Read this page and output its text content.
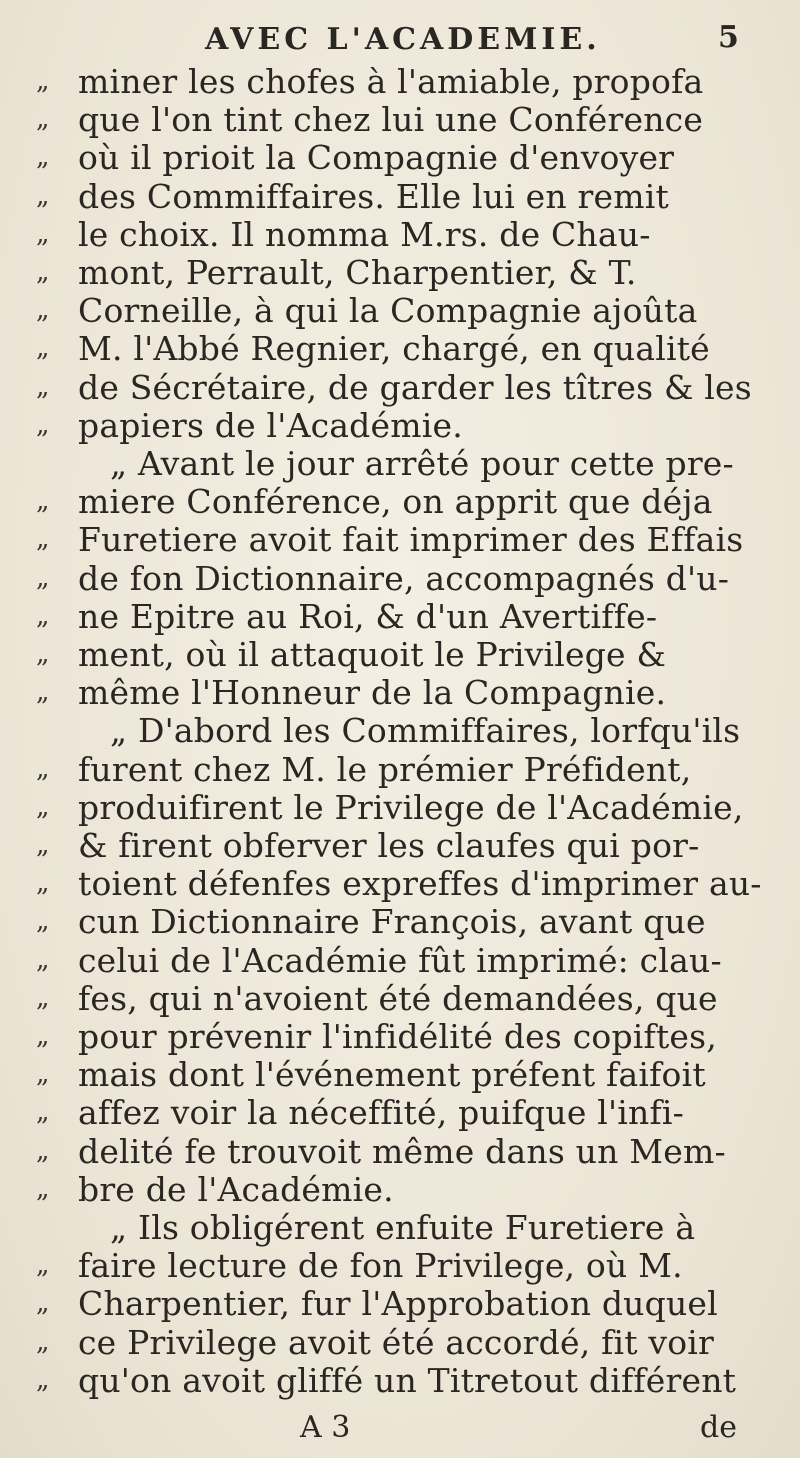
AVEC L'ACADEMIE.	5
„ miner les chofes à l'amiable, propofa
„ que l'on tint chez lui une Conférence
„ où il prioit la Compagnie d'envoyer
„ des Commiffaires. Elle lui en remit
„ le choix. Il nomma M.rs. de Chau-
„ mont, Perrault, Charpentier, & T.
„ Corneille, à qui la Compagnie ajoûta
„ M. l'Abbé Regnier, chargé, en qualité
„ de Sécrétaire, de garder les tîtres & les
„ papiers de l'Académie.
„ Avant le jour arrêté pour cette pre-
„ miere Conférence, on apprit que déja
„ Furetiere avoit fait imprimer des Effais
„ de fon Dictionnaire, accompagnés d'u-
„ ne Epitre au Roi, & d'un Avertiffe-
„ ment, où il attaquoit le Privilege &
„ même l'Honneur de la Compagnie.
„ D'abord les Commiffaires, lorfqu'ils
„ furent chez M. le prémier Préfident,
„ produifirent le Privilege de l'Académie,
„ & firent obferver les claufes qui por-
„ toient défenfes expreffes d'imprimer au-
„ cun Dictionnaire François, avant que
„ celui de l'Académie fût imprimé: clau-
„ fes, qui n'avoient été demandées, que
„ pour prévenir l'infidélité des copiftes,
„ mais dont l'événement préfent faifoit
„ affez voir la néceffité, puifque l'infi-
„ delité fe trouvoit même dans un Mem-
„ bre de l'Académie.
„ Ils obligérent enfuite Furetiere à
„ faire lecture de fon Privilege, où M.
„ Charpentier, fur l'Approbation duquel
„ ce Privilege avoit été accordé, fit voir
„ qu'on avoit gliffé un Titretout différent
A 3	de
